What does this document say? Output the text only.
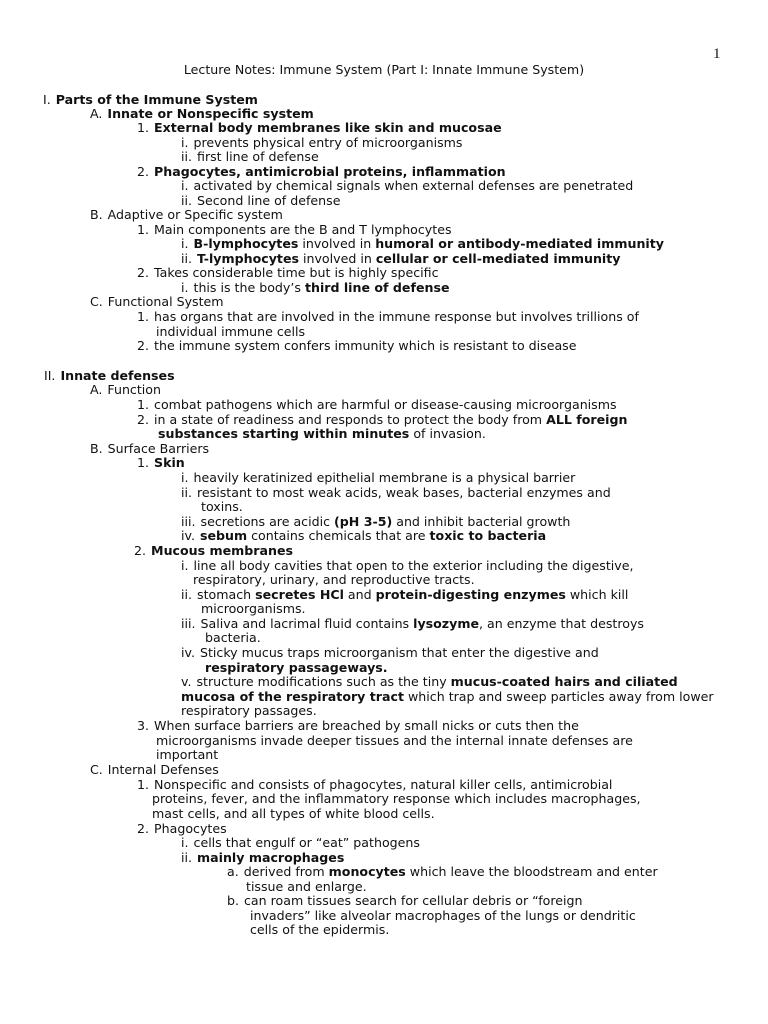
1
Lecture Notes: Immune System (Part I: Innate Immune System)
I. Parts of the Immune System
A. Innate or Nonspecific system
1. External body membranes like skin and mucosae
i. prevents physical entry of microorganisms
ii. first line of defense
2. Phagocytes, antimicrobial proteins, inflammation
i. activated by chemical signals when external defenses are penetrated
ii. Second line of defense
B. Adaptive or Specific system
1. Main components are the B and T lymphocytes
i. B-lymphocytes involved in humoral or antibody-mediated immunity
ii. T-lymphocytes involved in cellular or cell-mediated immunity
2. Takes considerable time but is highly specific
i. this is the body’s third line of defense
C. Functional System
1. has organs that are involved in the immune response but involves trillions of
individual immune cells
2. the immune system confers immunity which is resistant to disease
II. Innate defenses
A. Function
1. combat pathogens which are harmful or disease-causing microorganisms
2. in a state of readiness and responds to protect the body from ALL foreign
substances starting within minutes of invasion.
B. Surface Barriers
1. Skin
i. heavily keratinized epithelial membrane is a physical barrier
ii. resistant to most weak acids, weak bases, bacterial enzymes and
toxins.
iii. secretions are acidic (pH 3-5) and inhibit bacterial growth
iv. sebum contains chemicals that are toxic to bacteria
2. Mucous membranes
i. line all body cavities that open to the exterior including the digestive,
respiratory, urinary, and reproductive tracts.
ii. stomach secretes HCl and protein-digesting enzymes which kill
microorganisms.
iii. Saliva and lacrimal fluid contains lysozyme, an enzyme that destroys
bacteria.
iv. Sticky mucus traps microorganism that enter the digestive and
respiratory passageways.
v. structure modifications such as the tiny mucus-coated hairs and ciliated
mucosa of the respiratory tract which trap and sweep particles away from lower
respiratory passages.
3. When surface barriers are breached by small nicks or cuts then the
microorganisms invade deeper tissues and the internal innate defenses are
important
C. Internal Defenses
1. Nonspecific and consists of phagocytes, natural killer cells, antimicrobial
proteins, fever, and the inflammatory response which includes macrophages,
mast cells, and all types of white blood cells.
2. Phagocytes
i. cells that engulf or “eat” pathogens
ii. mainly macrophages
a. derived from monocytes which leave the bloodstream and enter
tissue and enlarge.
b. can roam tissues search for cellular debris or “foreign
invaders” like alveolar macrophages of the lungs or dendritic
cells of the epidermis.
